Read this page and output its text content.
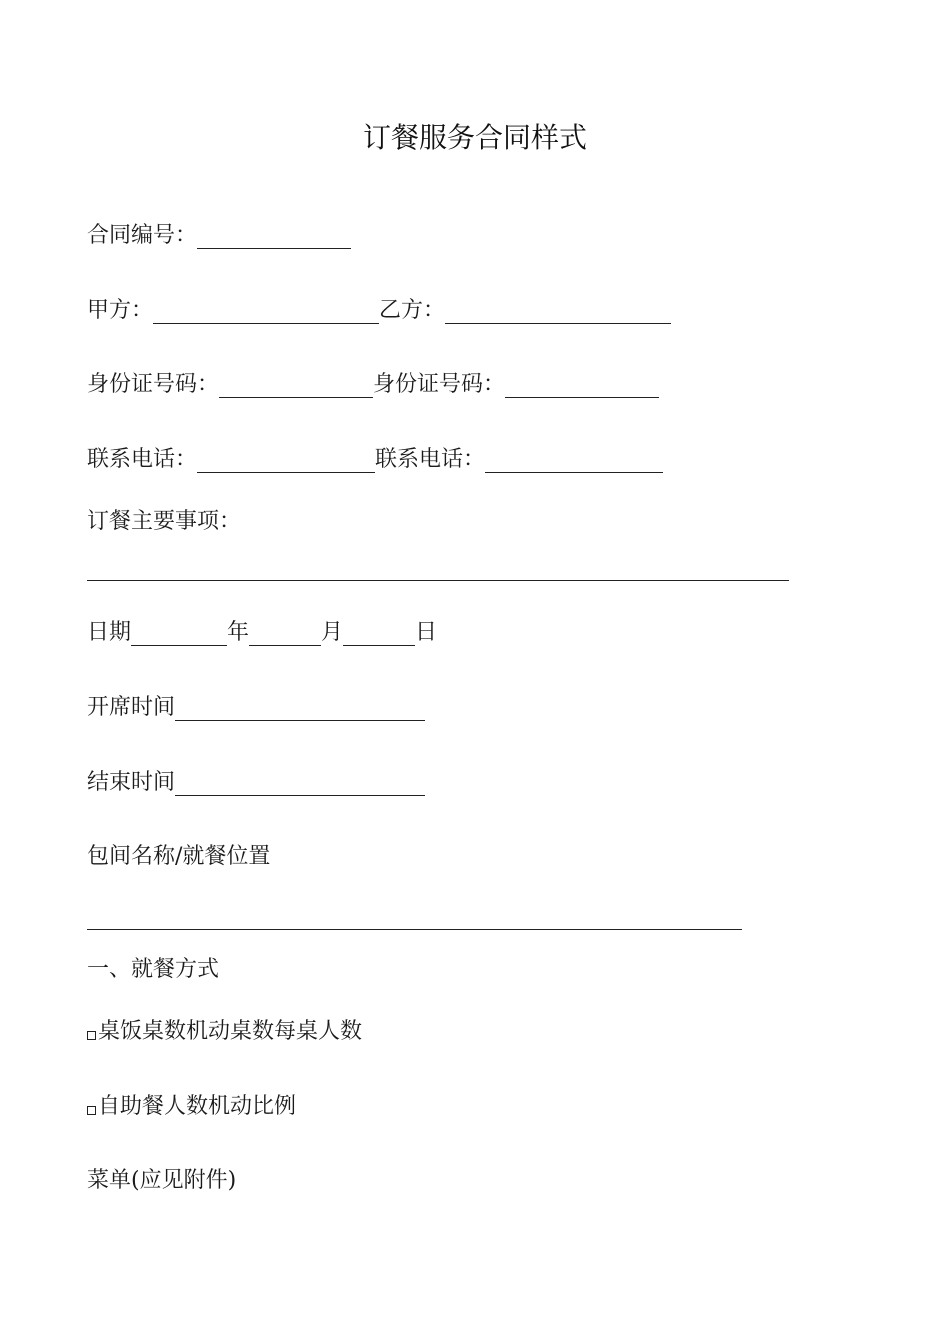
订餐服务合同样式
合同编号：
甲方：	乙方：
身份证号码：	身份证号码：
联系电话：	联系电话：
订餐主要事项：
日期	年	月	日
开席时间
结束时间
包间名称/就餐位置
一、就餐方式
桌饭桌数机动桌数每桌人数
自助餐人数机动比例
菜单(应见附件)
